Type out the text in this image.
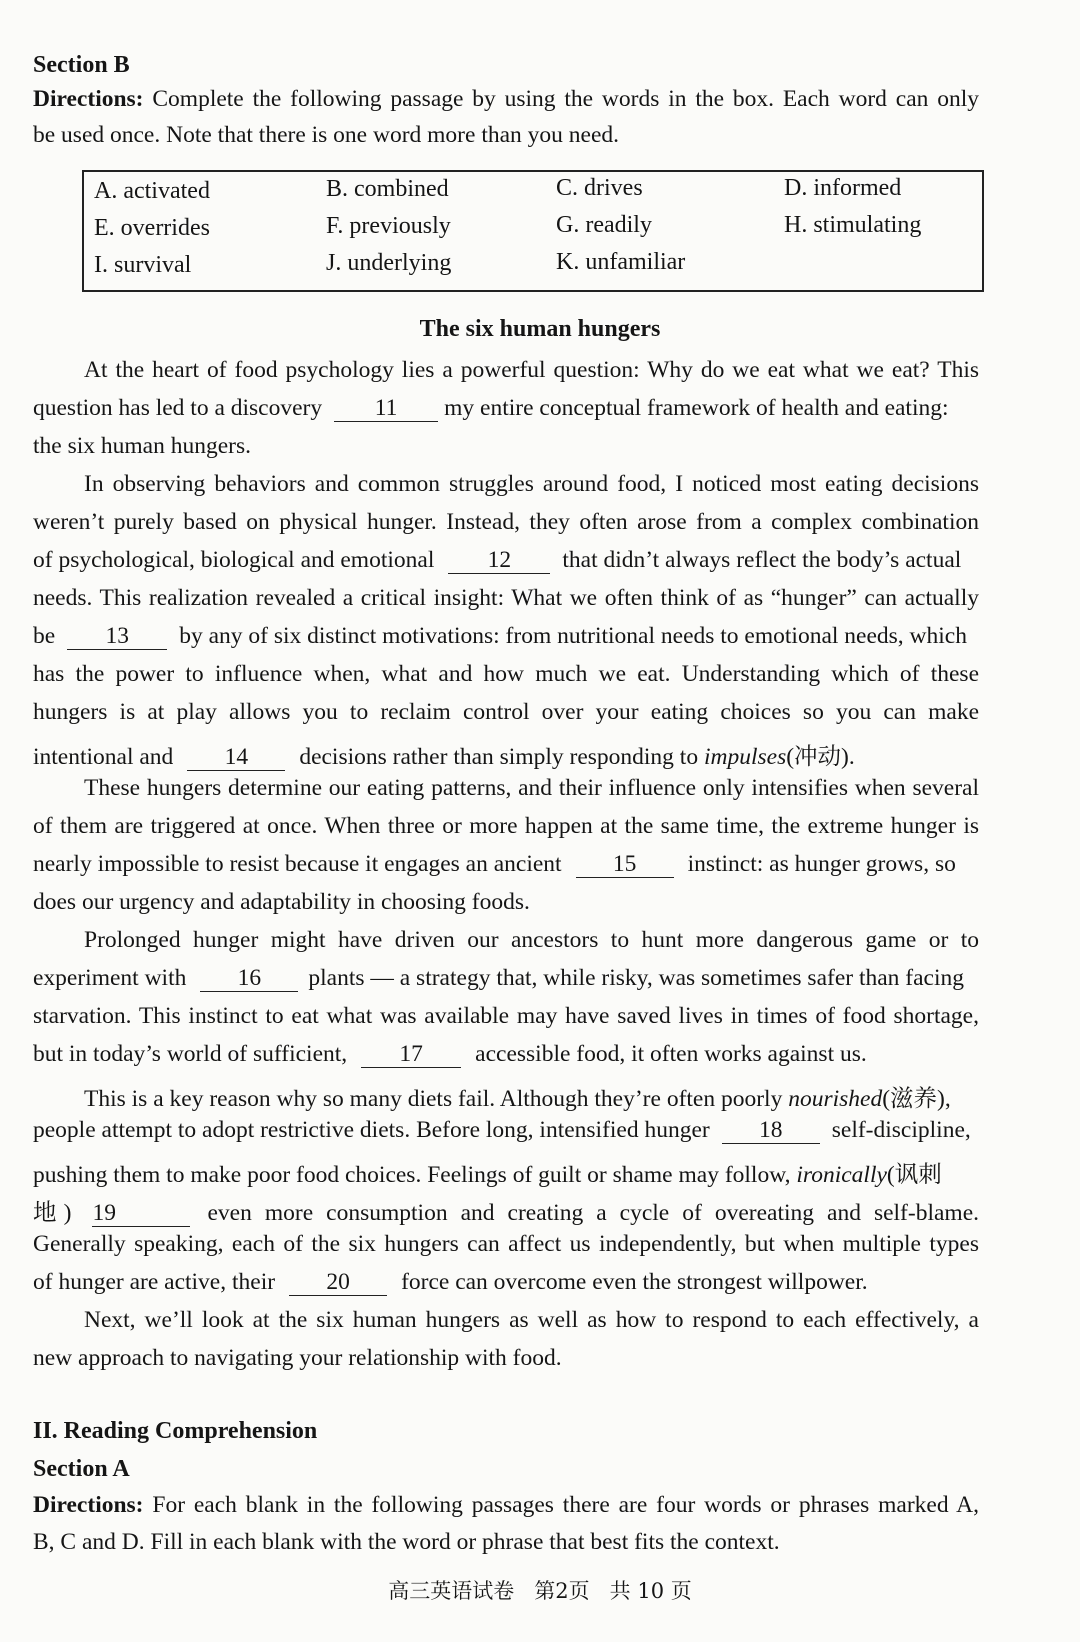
Section B
Directions: Complete the following passage by using the words in the box. Each word can only
be used once. Note that there is one word more than you need.
A. activated	B. combined	C. drives	D. informed
E. overrides	F. previously	G. readily	H. stimulating
I. survival	J. underlying	K. unfamiliar
The six human hungers
At the heart of food psychology lies a powerful question: Why do we eat what we eat? This
question has led to a discovery 11 my entire conceptual framework of health and eating:
the six human hungers.
In observing behaviors and common struggles around food, I noticed most eating decisions
weren’t purely based on physical hunger. Instead, they often arose from a complex combination
of psychological, biological and emotional 12 that didn’t always reflect the body’s actual
needs. This realization revealed a critical insight: What we often think of as “hunger” can actually
be 13 by any of six distinct motivations: from nutritional needs to emotional needs, which
has the power to influence when, what and how much we eat. Understanding which of these
hungers is at play allows you to reclaim control over your eating choices so you can make
intentional and 14 decisions rather than simply responding to impulses(冲动).
These hungers determine our eating patterns, and their influence only intensifies when several
of them are triggered at once. When three or more happen at the same time, the extreme hunger is
nearly impossible to resist because it engages an ancient 15 instinct: as hunger grows, so
does our urgency and adaptability in choosing foods.
Prolonged hunger might have driven our ancestors to hunt more dangerous game or to
experiment with 16 plants — a strategy that, while risky, was sometimes safer than facing
starvation. This instinct to eat what was available may have saved lives in times of food shortage,
but in today’s world of sufficient, 17 accessible food, it often works against us.
This is a key reason why so many diets fail. Although they’re often poorly nourished(滋养),
people attempt to adopt restrictive diets. Before long, intensified hunger 18 self-discipline,
pushing them to make poor food choices. Feelings of guilt or shame may follow, ironically(讽刺
地) 19	even more consumption and creating a cycle of overeating and self-blame.
Generally speaking, each of the six hungers can affect us independently, but when multiple types
of hunger are active, their 20 force can overcome even the strongest willpower.
Next, we’ll look at the six human hungers as well as how to respond to each effectively, a
new approach to navigating your relationship with food.
II. Reading Comprehension
Section A
Directions: For each blank in the following passages there are four words or phrases marked A,
B, C and D. Fill in each blank with the word or phrase that best fits the context.
高三英语试卷   第2页   共 10 页
